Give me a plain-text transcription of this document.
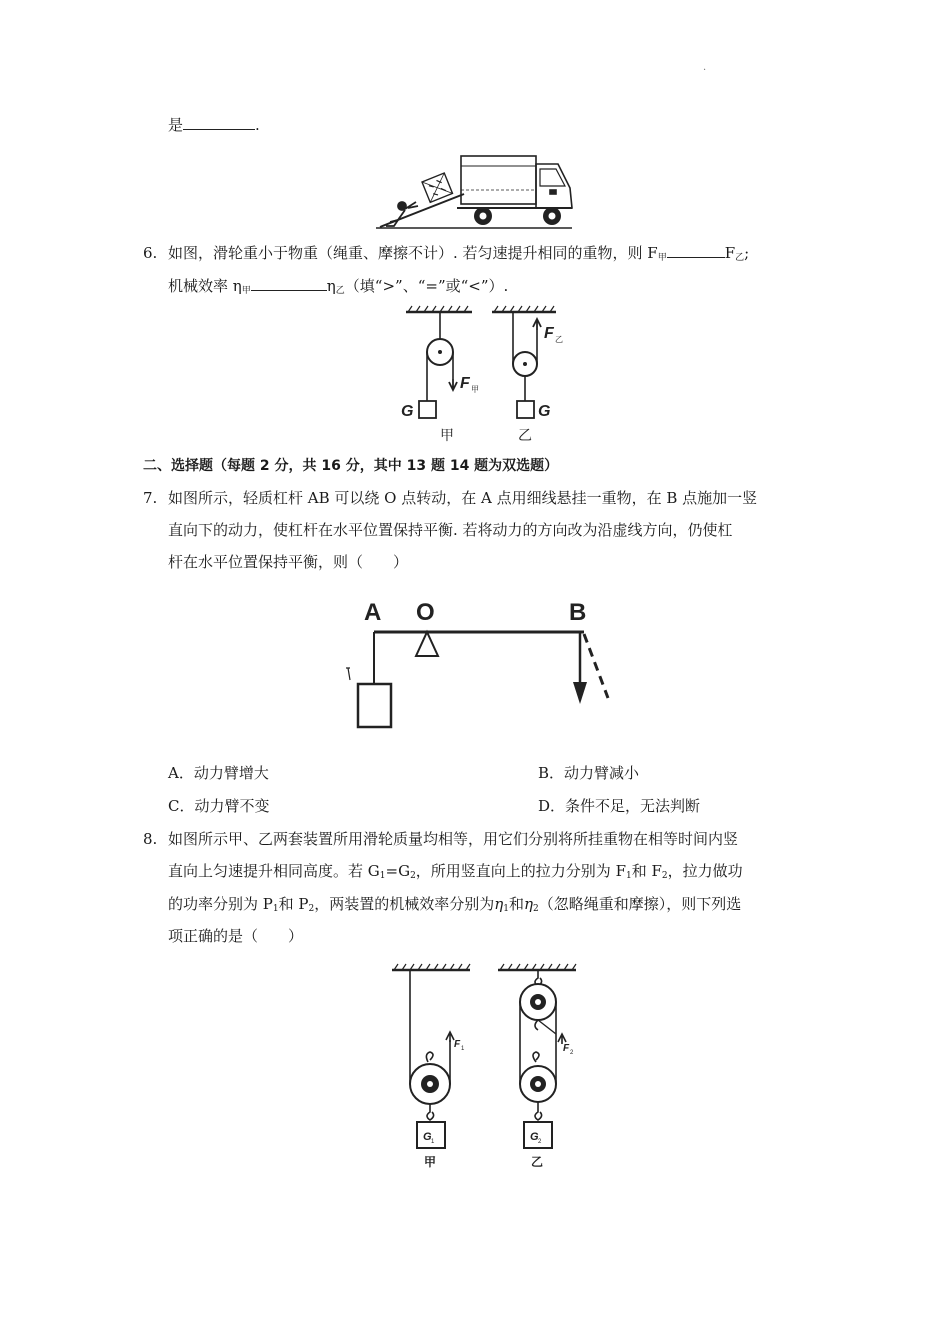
·
是	.
6. 如图，滑轮重小于物重（绳重、摩擦不计）. 若匀速提升相同的重物，则 $F_甲$	$F_乙$;
机械效率 $\eta_甲$	$\eta_乙$（填“>”、“=”或“<”）.
F 甲
G
甲
F 乙
G
乙
二、选择题（每题 2 分，共 16 分，其中 13 题 14 题为双选题）
7. 如图所示，轻质杠杆 AB 可以绕 O 点转动，在 A 点用细线悬挂一重物，在 B 点施加一竖
直向下的动力，使杠杆在水平位置保持平衡. 若将动力的方向改为沿虚线方向，仍使杠
杆在水平位置保持平衡，则（　　）
A O	B
A．动力臂增大	B．动力臂减小
C．动力臂不变	D．条件不足，无法判断
8. 如图所示甲、乙两套装置所用滑轮质量均相等，用它们分别将所挂重物在相等时间内竖
直向上匀速提升相同高度。若 $G_1=G_2$，所用竖直向上的拉力分别为 $F_1$和 $F_2$，拉力做功
的功率分别为 $P_1$和 $P_2$，两装置的机械效率分别为$\eta_1$和$\eta_2$（忽略绳重和摩擦），则下列选
项正确的是（　　）
F 1
G 1
甲
F 2
G 2
乙
